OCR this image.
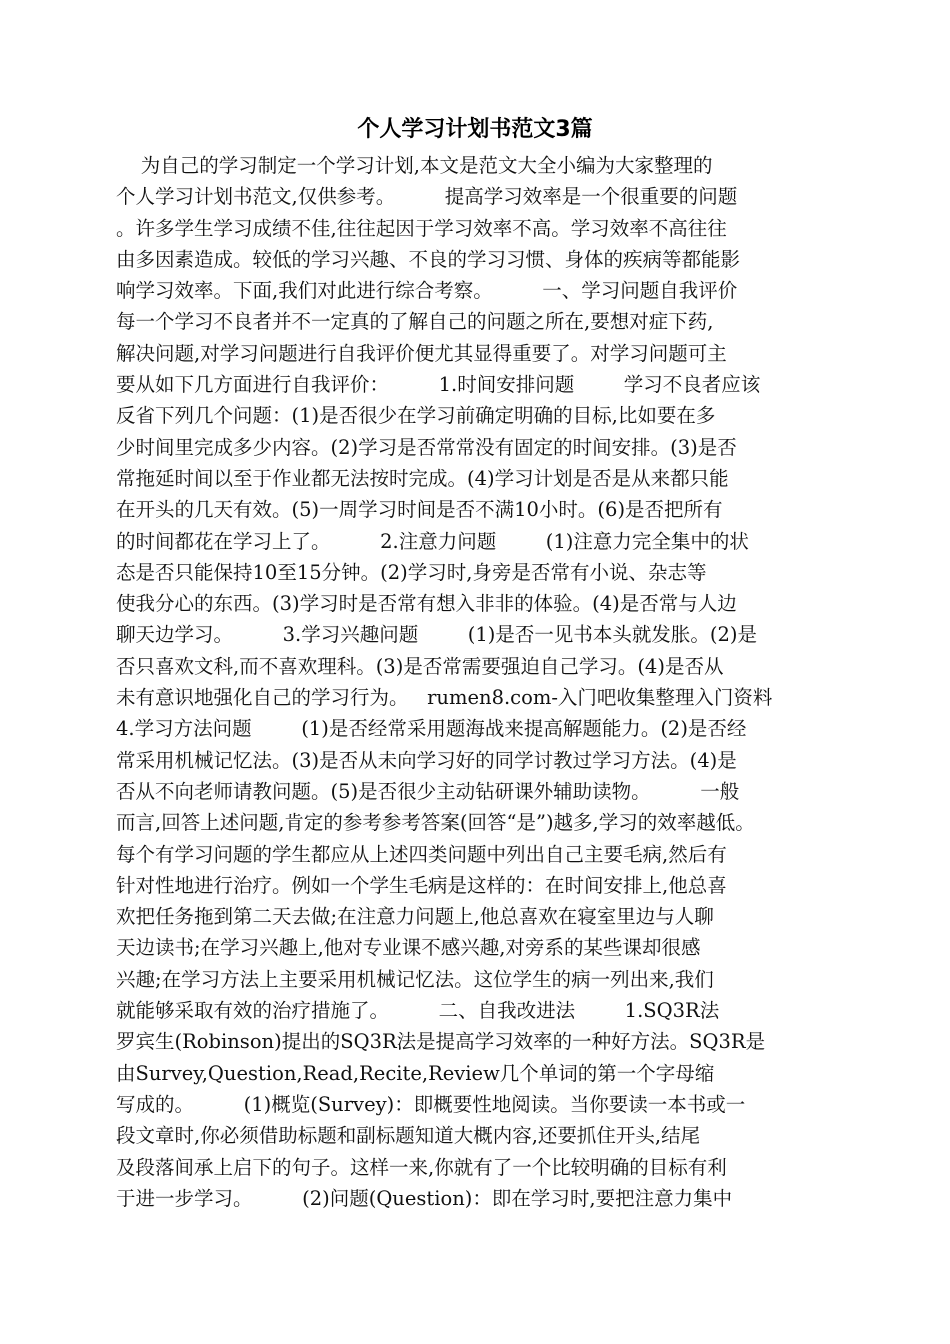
个人学习计划书范文3篇
为自己的学习制定一个学习计划,本文是范文大全小编为大家整理的
个人学习计划书范文,仅供参考。        提高学习效率是一个很重要的问题
。许多学生学习成绩不佳,往往起因于学习效率不高。学习效率不高往往
由多因素造成。较低的学习兴趣、不良的学习习惯、身体的疾病等都能影
响学习效率。下面,我们对此进行综合考察。        一、学习问题自我评价
每一个学习不良者并不一定真的了解自己的问题之所在,要想对症下药,
解决问题,对学习问题进行自我评价便尤其显得重要了。对学习问题可主
要从如下几方面进行自我评价：        1.时间安排问题        学习不良者应该
反省下列几个问题：(1)是否很少在学习前确定明确的目标,比如要在多
少时间里完成多少内容。(2)学习是否常常没有固定的时间安排。(3)是否
常拖延时间以至于作业都无法按时完成。(4)学习计划是否是从来都只能
在开头的几天有效。(5)一周学习时间是否不满10小时。(6)是否把所有
的时间都花在学习上了。        2.注意力问题        (1)注意力完全集中的状
态是否只能保持10至15分钟。(2)学习时,身旁是否常有小说、杂志等
使我分心的东西。(3)学习时是否常有想入非非的体验。(4)是否常与人边
聊天边学习。        3.学习兴趣问题        (1)是否一见书本头就发胀。(2)是
否只喜欢文科,而不喜欢理科。(3)是否常需要强迫自己学习。(4)是否从
未有意识地强化自己的学习行为。   rumen8.com-入门吧收集整理入门资料
4.学习方法问题        (1)是否经常采用题海战来提高解题能力。(2)是否经
常采用机械记忆法。(3)是否从未向学习好的同学讨教过学习方法。(4)是
否从不向老师请教问题。(5)是否很少主动钻研课外辅助读物。        一般
而言,回答上述问题,肯定的参考参考答案(回答“是”)越多,学习的效率越低。
每个有学习问题的学生都应从上述四类问题中列出自己主要毛病,然后有
针对性地进行治疗。例如一个学生毛病是这样的：在时间安排上,他总喜
欢把任务拖到第二天去做;在注意力问题上,他总喜欢在寝室里边与人聊
天边读书;在学习兴趣上,他对专业课不感兴趣,对旁系的某些课却很感
兴趣;在学习方法上主要采用机械记忆法。这位学生的病一列出来,我们
就能够采取有效的治疗措施了。        二、自我改进法        1.SQ3R法
罗宾生(Robinson)提出的SQ3R法是提高学习效率的一种好方法。SQ3R是
由Survey,Question,Read,Recite,Review几个单词的第一个字母缩
写成的。        (1)概览(Survey)：即概要性地阅读。当你要读一本书或一
段文章时,你必须借助标题和副标题知道大概内容,还要抓住开头,结尾
及段落间承上启下的句子。这样一来,你就有了一个比较明确的目标有利
于进一步学习。        (2)问题(Question)：即在学习时,要把注意力集中
